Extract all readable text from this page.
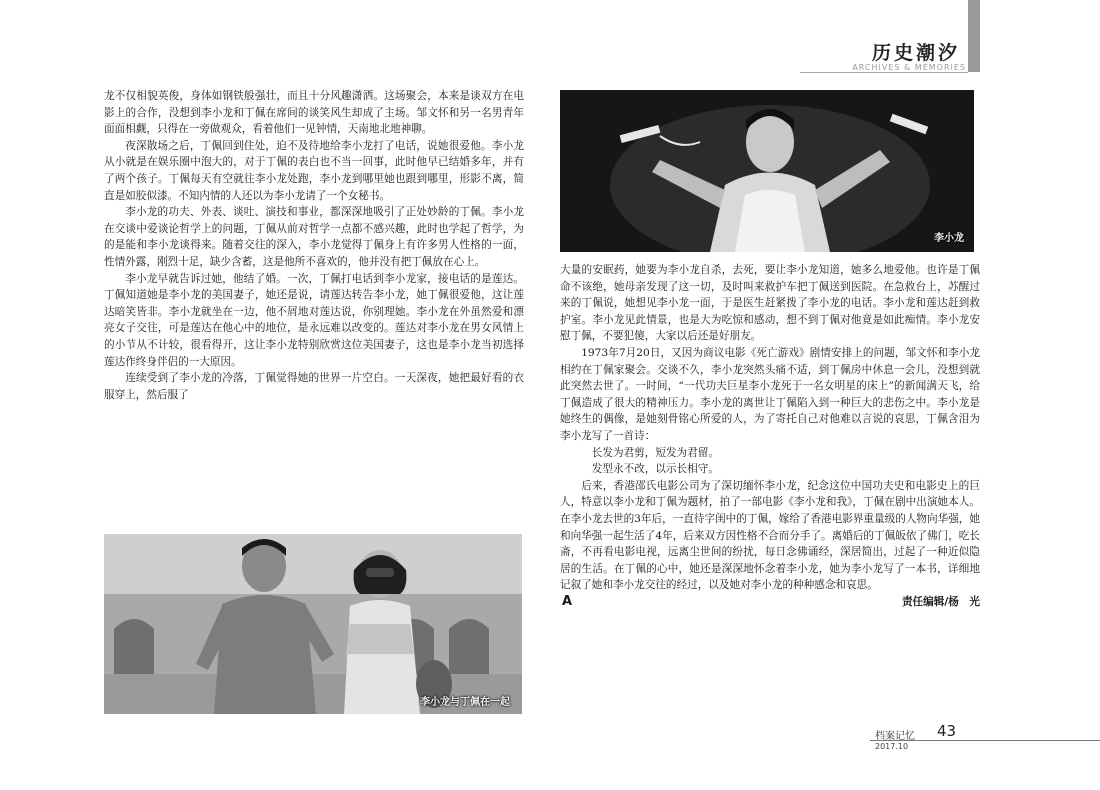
历史潮汐
ARCHIVES & MEMORIES
李小龙

龙不仅相貌英俊，身体如钢铁般强壮，而且十分风趣潇洒。这场聚会，本来是谈双方在电影上的合作，没想到李小龙和丁佩在席间的谈笑风生却成了主场。邹文怀和另一名男青年面面相觑，只得在一旁做观众，看着他们一见钟情，天南地北地神聊。

夜深散场之后，丁佩回到住处，迫不及待地给李小龙打了电话，说她很爱他。李小龙从小就是在娱乐圈中泡大的，对于丁佩的表白也不当一回事，此时他早已结婚多年，并有了两个孩子。丁佩每天有空就往李小龙处跑，李小龙到哪里她也跟到哪里，形影不离，简直是如胶似漆。不知内情的人还以为李小龙请了一个女秘书。

李小龙的功夫、外表、谈吐、演技和事业，都深深地吸引了正处妙龄的丁佩。李小龙在交谈中爱谈论哲学上的问题，丁佩从前对哲学一点都不感兴趣，此时也学起了哲学，为的是能和李小龙谈得来。随着交往的深入，李小龙觉得丁佩身上有许多男人性格的一面，性情外露，刚烈十足，缺少含蓄，这是他所不喜欢的，他并没有把丁佩放在心上。

李小龙早就告诉过她，他结了婚。一次，丁佩打电话到李小龙家，接电话的是莲达。丁佩知道她是李小龙的美国妻子，她还是说，请莲达转告李小龙，她丁佩很爱他，这让莲达暗笑皆非。李小龙就坐在一边，他不屑地对莲达说，你别理她。李小龙在外虽然爱和漂亮女子交往，可是莲达在他心中的地位，是永远难以改变的。莲达对李小龙在男女风情上的小节从不计较，很看得开，这让李小龙特别欣赏这位美国妻子，这也是李小龙当初选择莲达作终身伴侣的一大原因。

连续受到了李小龙的冷落，丁佩觉得她的世界一片空白。一天深夜，她把最好看的衣服穿上，然后服了

大量的安眠药，她要为李小龙自杀，去死，要让李小龙知道，她多么地爱他。也许是丁佩命不该绝，她母亲发现了这一切，及时叫来救护车把丁佩送到医院。在急救台上，苏醒过来的丁佩说，她想见李小龙一面，于是医生赶紧拨了李小龙的电话。李小龙和莲达赶到救护室。李小龙见此情景，也是大为吃惊和感动，想不到丁佩对他竟是如此痴情。李小龙安慰丁佩，不要犯傻，大家以后还是好朋友。

1973年7月20日，又因为商议电影《死亡游戏》剧情安排上的问题，邹文怀和李小龙相约在丁佩家聚会。交谈不久，李小龙突然头痛不适，到丁佩房中休息一会儿，没想到就此突然去世了。一时间，“一代功夫巨星李小龙死于一名女明星的床上”的新闻满天飞，给丁佩造成了很大的精神压力。李小龙的离世让丁佩陷入到一种巨大的悲伤之中。李小龙是她终生的偶像，是她刻骨铭心所爱的人，为了寄托自己对他难以言说的哀思，丁佩含泪为李小龙写了一首诗：

长发为君剪，短发为君留。

发型永不改，以示长相守。

后来，香港邵氏电影公司为了深切缅怀李小龙，纪念这位中国功夫史和电影史上的巨人，特意以李小龙和丁佩为题材，拍了一部电影《李小龙和我》，丁佩在剧中出演她本人。在李小龙去世的3年后，一直待字闺中的丁佩，嫁给了香港电影界重量级的人物向华强，她和向华强一起生活了4年，后来双方因性格不合而分手了。离婚后的丁佩皈依了佛门，吃长斋，不再看电影电视，远离尘世间的纷扰，每日念佛诵经，深居简出，过起了一种近似隐居的生活。在丁佩的心中，她还是深深地怀念着李小龙，她为李小龙写了一本书，详细地记叙了她和李小龙交往的经过，以及她对李小龙的种种感念和哀思。

A	责任编辑/杨　光

李小龙与丁佩在一起
档案记忆 43
2017.10
